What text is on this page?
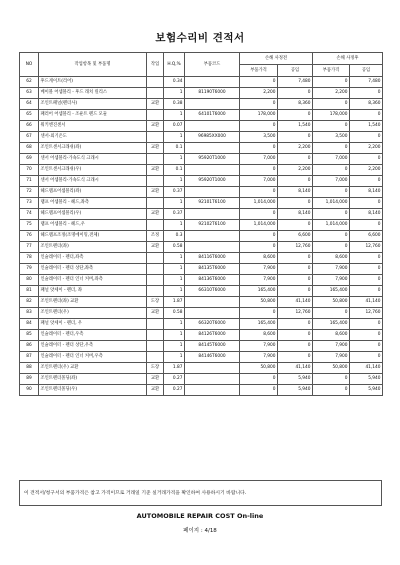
보험수리비 견적서
NO	작업항목 및 부품명	작업	H.Q,%	부품코드	손해 사정전		손해 사정후	
					부품가격	공임	부품가격	공임
62	후드게이트(리어)		0.34		0	7,480	0	7,480
63	베이블 어셈블리 - 후드 래치 릴리스		1	81190T6000	2,200	0	2,200	0
64	조인트패널(펜더사)	교환	0.38		0	8,360	0	8,360
65	패러어 어셈블리 - 조운트 펜드 모듈		1	64101T6000	178,000	0	178,000	0
66	워키엔진센서	교환	0.07		0	1,540	0	1,540
67	센서-외기온도		1	96985XX000	3,500	0	3,500	0
68	조인트센서크래쉬(좌)	교환	0.1		0	2,200	0	2,200
69	센서 어셈블리-가속도식 크래시		1	95920T1000	7,000	0	7,000	0
70	조인트센서크래쉬(우)	교환	0.1		0	2,200	0	2,200
71	센서 어셈블리-가속도식 크래시		1	95920T1000	7,000	0	7,000	0
72	헤드램프어셈블리(좌)	교환	0.37		0	8,140	0	8,140
73	램프 어셈블리 - 헤드,좌측		1	92101T6100	1,014,000	0	1,014,000	0
74	헤드램프어셈블리(우)	교환	0.37		0	8,140	0	8,140
75	램프 어셈블리 - 헤드,우		1	92102T6100	1,014,000	0	1,014,000	0
76	헤드램프조정(조명에이밍,전체)	조정	0.3		0	6,600	0	6,600
77	조인트펜더(좌)	교환	0.58		0	12,760	0	12,760
78	인슐레이터 - 펜더,좌측		1	84116T6000	8,600	0	8,600	0
79	인슐레이터 - 펜더 상단,좌측		1	84135T6000	7,900	0	7,900	0
80	인슐레이터 - 펜더 인너 커버,좌측		1	84136T6000	7,900	0	7,900	0
81	패널 앗세이 - 펜더, 좌		1	66310T6000	165,400	0	165,400	0
82	조인트펜더(좌) 교환	도장	1.87		50,800	41,140	50,800	41,140
83	조인트펜더(우)	교환	0.58		0	12,760	0	12,760
84	패널 앗세이 - 펜더, 우		1	66320T6000	165,400	0	165,400	0
85	인슐레이터 - 펜더,우측		1	84126T6000	8,600	0	8,600	0
86	인슐레이터 - 펜더 상단,우측		1	84145T6000	7,900	0	7,900	0
87	인슐레이터 - 펜더 인너 커버,우측		1	84146T6000	7,900	0	7,900	0
88	조인트펜더(우) 교환	도장	1.87		50,800	41,140	50,800	41,140
89	조인트펜더몰딩(좌)	교환	0.27		0	5,940	0	5,940
90	조인트펜더몰딩(우)	교환	0.27		0	5,940	0	5,940
이 견적서/청구서의 부품가격은 참고 가격이므로 거래일 기준 실거래가격을 확인하여 사용하시기 바랍니다.
AUTOMOBILE REPAIR COST On-line
페이지 : 4/18
